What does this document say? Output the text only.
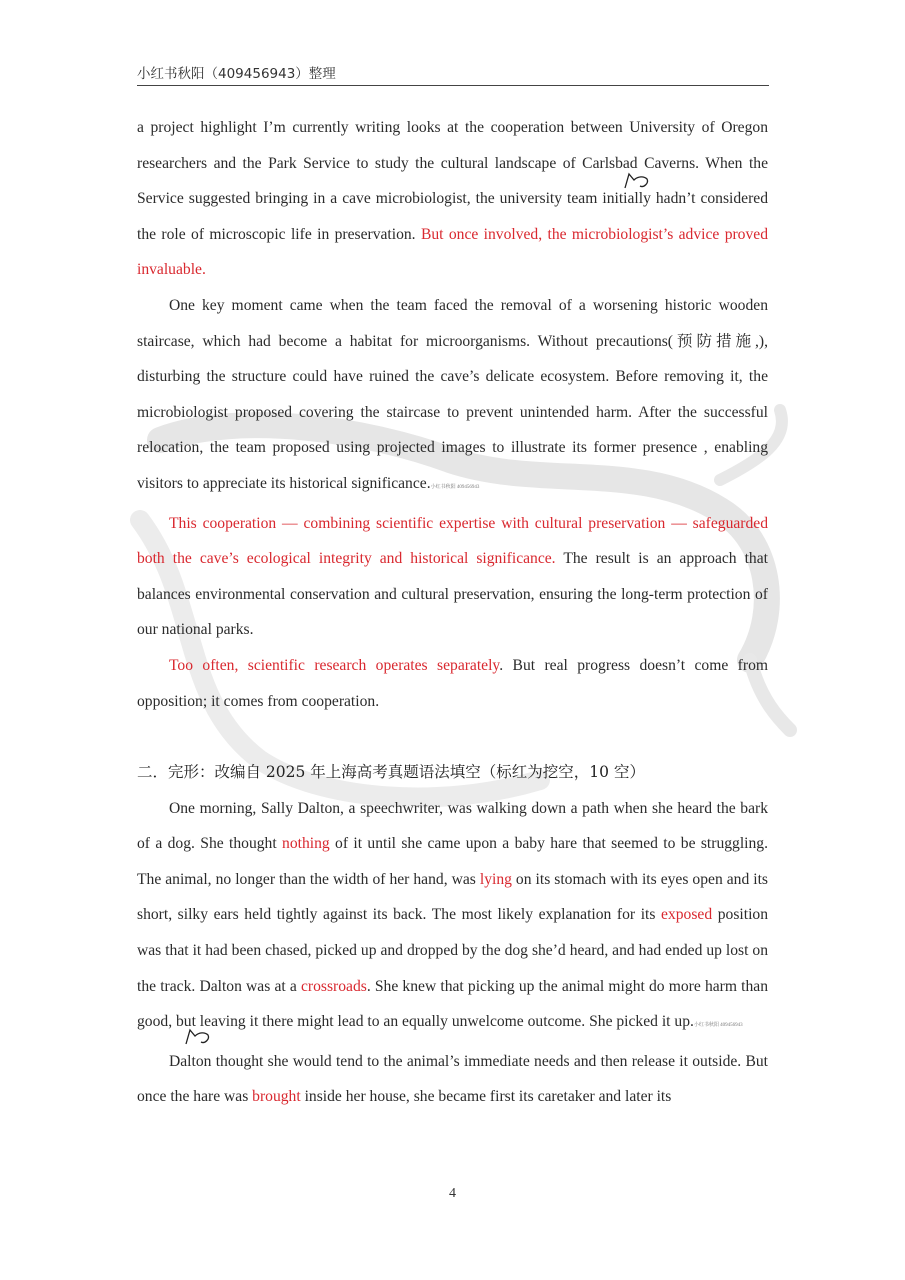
小红书秋阳（409456943）整理

a project highlight I’m currently writing looks at the cooperation between University of Oregon researchers and the Park Service to study the cultural landscape of Carlsbad Caverns. When the Service suggested bringing in a cave microbiologist, the university team initially hadn’t considered the role of microscopic life in preservation. But once involved, the microbiologist’s advice proved invaluable.

One key moment came when the team faced the removal of a worsening historic wooden staircase, which had become a habitat for microorganisms. Without precautions(预防措施,), disturbing the structure could have ruined the cave’s delicate ecosystem. Before removing it, the microbiologist proposed covering the staircase to prevent unintended harm. After the successful relocation, the team proposed using projected images to illustrate its former presence , enabling visitors to appreciate its historical significance.小红书秋阳 409456943

This cooperation — combining scientific expertise with cultural preservation — safeguarded both the cave’s ecological integrity and historical significance. The result is an approach that balances environmental conservation and cultural preservation, ensuring the long-term protection of our national parks.

Too often, scientific research operates separately. But real progress doesn’t come from opposition; it comes from cooperation.

二．完形：改编自 2025 年上海高考真题语法填空（标红为挖空，10 空）

One morning, Sally Dalton, a speechwriter, was walking down a path when she heard the bark of a dog. She thought nothing of it until she came upon a baby hare that seemed to be struggling. The animal, no longer than the width of her hand, was lying on its stomach with its eyes open and its short, silky ears held tightly against its back. The most likely explanation for its exposed position was that it had been chased, picked up and dropped by the dog she’d heard, and had ended up lost on the track. Dalton was at a crossroads. She knew that picking up the animal might do more harm than good, but leaving it there might lead to an equally unwelcome outcome. She picked it up.小红书秋阳 409456943

Dalton thought she would tend to the animal’s immediate needs and then release it outside. But once the hare was brought inside her house, she became first its caretaker and later its

4
